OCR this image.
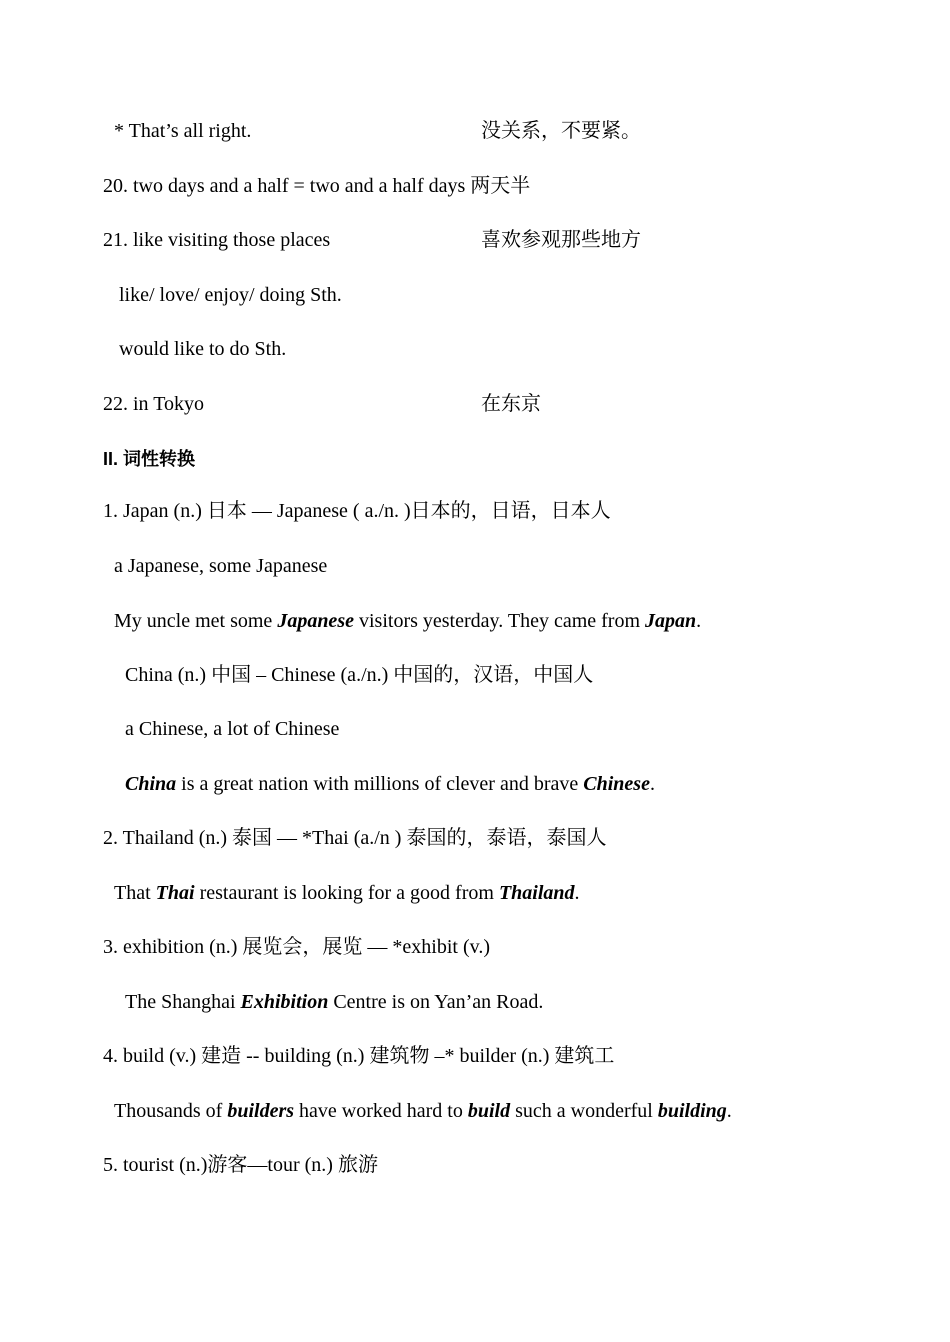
* That’s all right.	没关系，不要紧。
20. two days and a half = two and a half days 两天半
21. like visiting those places	喜欢参观那些地方
like/ love/ enjoy/ doing Sth.
would like to do Sth.
22. in Tokyo	在东京
II. 词性转换
1. Japan (n.) 日本 — Japanese ( a./n. )日本的，日语，日本人
a Japanese, some Japanese
My uncle met some Japanese visitors yesterday. They came from Japan.
China (n.) 中国 – Chinese (a./n.) 中国的，汉语，中国人
a Chinese, a lot of Chinese
China is a great nation with millions of clever and brave Chinese.
2. Thailand (n.) 泰国 — *Thai (a./n ) 泰国的，泰语，泰国人
That Thai restaurant is looking for a good from Thailand.
3. exhibition (n.) 展览会，展览 — *exhibit (v.)
The Shanghai Exhibition Centre is on Yan’an Road.
4. build (v.) 建造 -- building (n.) 建筑物 –* builder (n.) 建筑工
Thousands of builders have worked hard to build such a wonderful building.
5. tourist (n.)游客—tour (n.) 旅游
